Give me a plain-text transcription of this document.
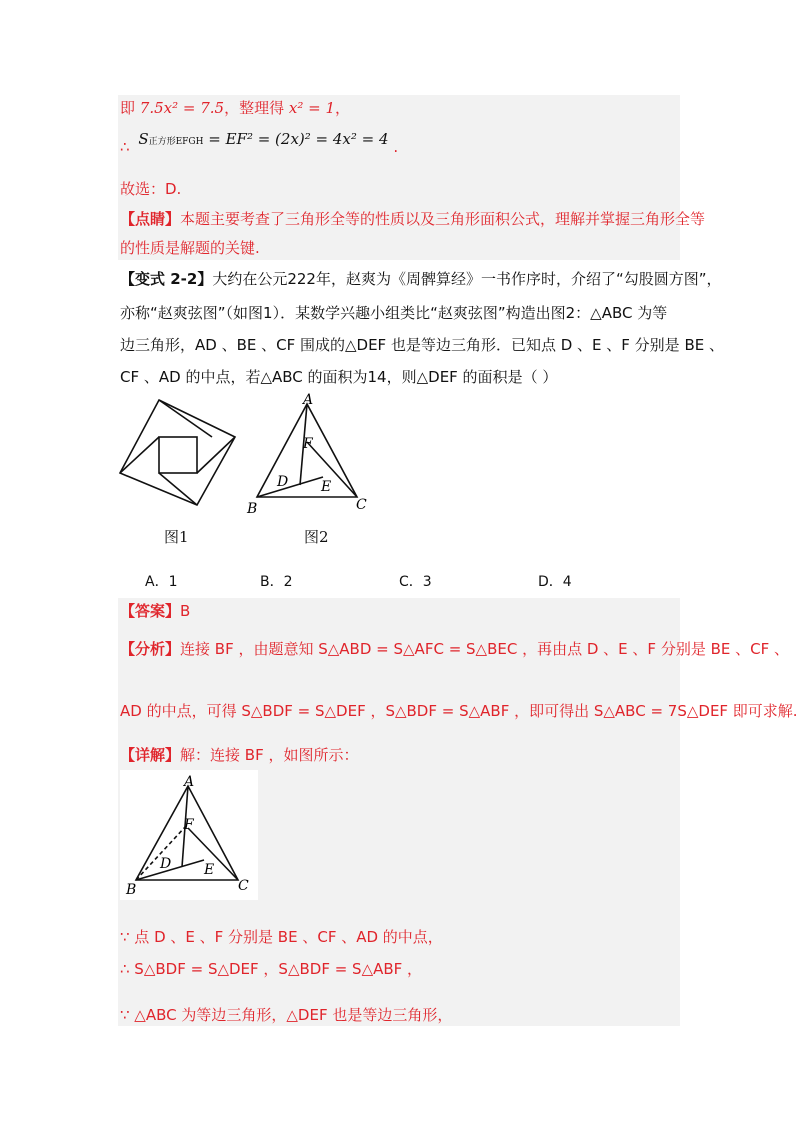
即 7.5x² = 7.5，整理得 x² = 1，
∴ S正方形EFGH = EF² = (2x)² = 4x² = 4 .
故选：D.
【点睛】本题主要考查了三角形全等的性质以及三角形面积公式，理解并掌握三角形全等
的性质是解题的关键.
【变式 2-2】大约在公元222年，赵爽为《周髀算经》一书作序时，介绍了“勾股圆方图”，
亦称“赵爽弦图”（如图1）．某数学兴趣小组类比“赵爽弦图”构造出图2：△ABC 为等
边三角形，AD 、BE 、CF 围成的△DEF 也是等边三角形．已知点 D 、E 、F 分别是 BE 、
CF 、AD 的中点，若△ABC 的面积为14，则△DEF 的面积是（ ）
A
B	C
D E
F
图1	图2
A．1	B．2	C．3	D．4
【答案】B
【分析】连接 BF ，由题意知 S△ABD = S△AFC = S△BEC ，再由点 D 、E 、F 分别是 BE 、CF 、
AD 的中点，可得 S△BDF = S△DEF ，S△BDF = S△ABF ，即可得出 S△ABC = 7S△DEF 即可求解.
【详解】解：连接 BF ，如图所示：
A
B	C
D E
F
∵ 点 D 、E 、F 分别是 BE 、CF 、AD 的中点，
∴ S△BDF = S△DEF ，S△BDF = S△ABF ，
∵ △ABC 为等边三角形，△DEF 也是等边三角形，
